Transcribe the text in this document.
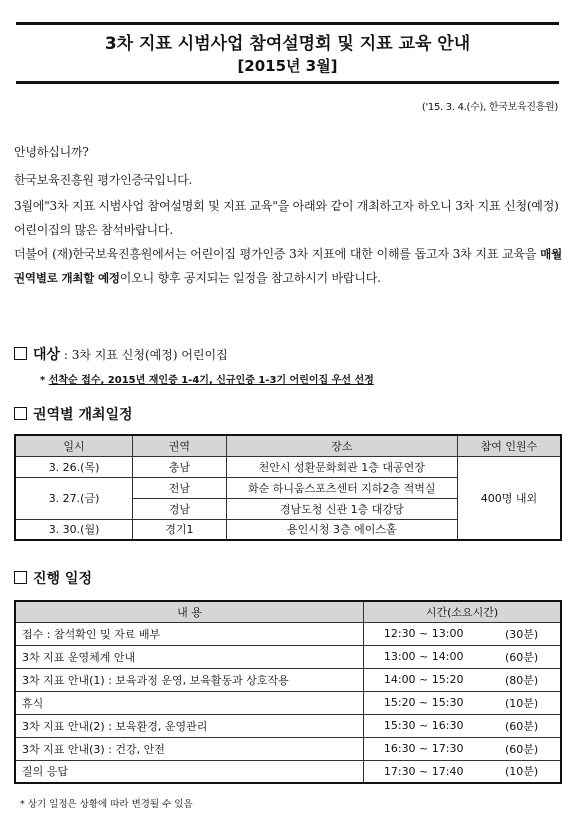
3차 지표 시범사업 참여설명회 및 지표 교육 안내
[2015년 3월]
('15. 3. 4.(수), 한국보육진흥원)
안녕하십니까?
한국보육진흥원 평가인증국입니다.
3월에"3차 지표 시범사업 참여설명회 및 지표 교육"을 아래와 같이 개최하고자 하오니 3차 지표 신청(예정) 어린이집의 많은 참석바랍니다.
더불어 (재)한국보육진흥원에서는 어린이집 평가인증 3차 지표에 대한 이해를 돕고자 3차 지표 교육을 매월 권역별로 개최할 예정이오니 향후 공지되는 일정을 참고하시기 바랍니다.
대상 : 3차 지표 신청(예정) 어린이집
* 선착순 접수, 2015년 재인증 1-4기, 신규인증 1-3기 어린이집 우선 선정
권역별 개최일정
일시	권역	장소	참여 인원수
3. 26.(목)	충남	천안시 성환문화회관 1층 대공연장	400명 내외
3. 27.(금)	전남	화순 하니움스포츠센터 지하2층 적벽실	
	경남	경남도청 신관 1층 대강당	
3. 30.(월)	경기1	용인시청 3층 에이스홀	
진행 일정
내 용	시간(소요시간)	
접수 : 참석확인 및 자료 배부	12:30 ~ 13:00	(30분)
3차 지표 운영체계 안내	13:00 ~ 14:00	(60분)
3차 지표 안내(1) : 보육과정 운영, 보육활동과 상호작용	14:00 ~ 15:20	(80분)
휴식	15:20 ~ 15:30	(10분)
3차 지표 안내(2) : 보육환경, 운영관리	15:30 ~ 16:30	(60분)
3차 지표 안내(3) : 건강, 안전	16:30 ~ 17:30	(60분)
질의 응답	17:30 ~ 17:40	(10분)
* 상기 일정은 상황에 따라 변경될 수 있음
